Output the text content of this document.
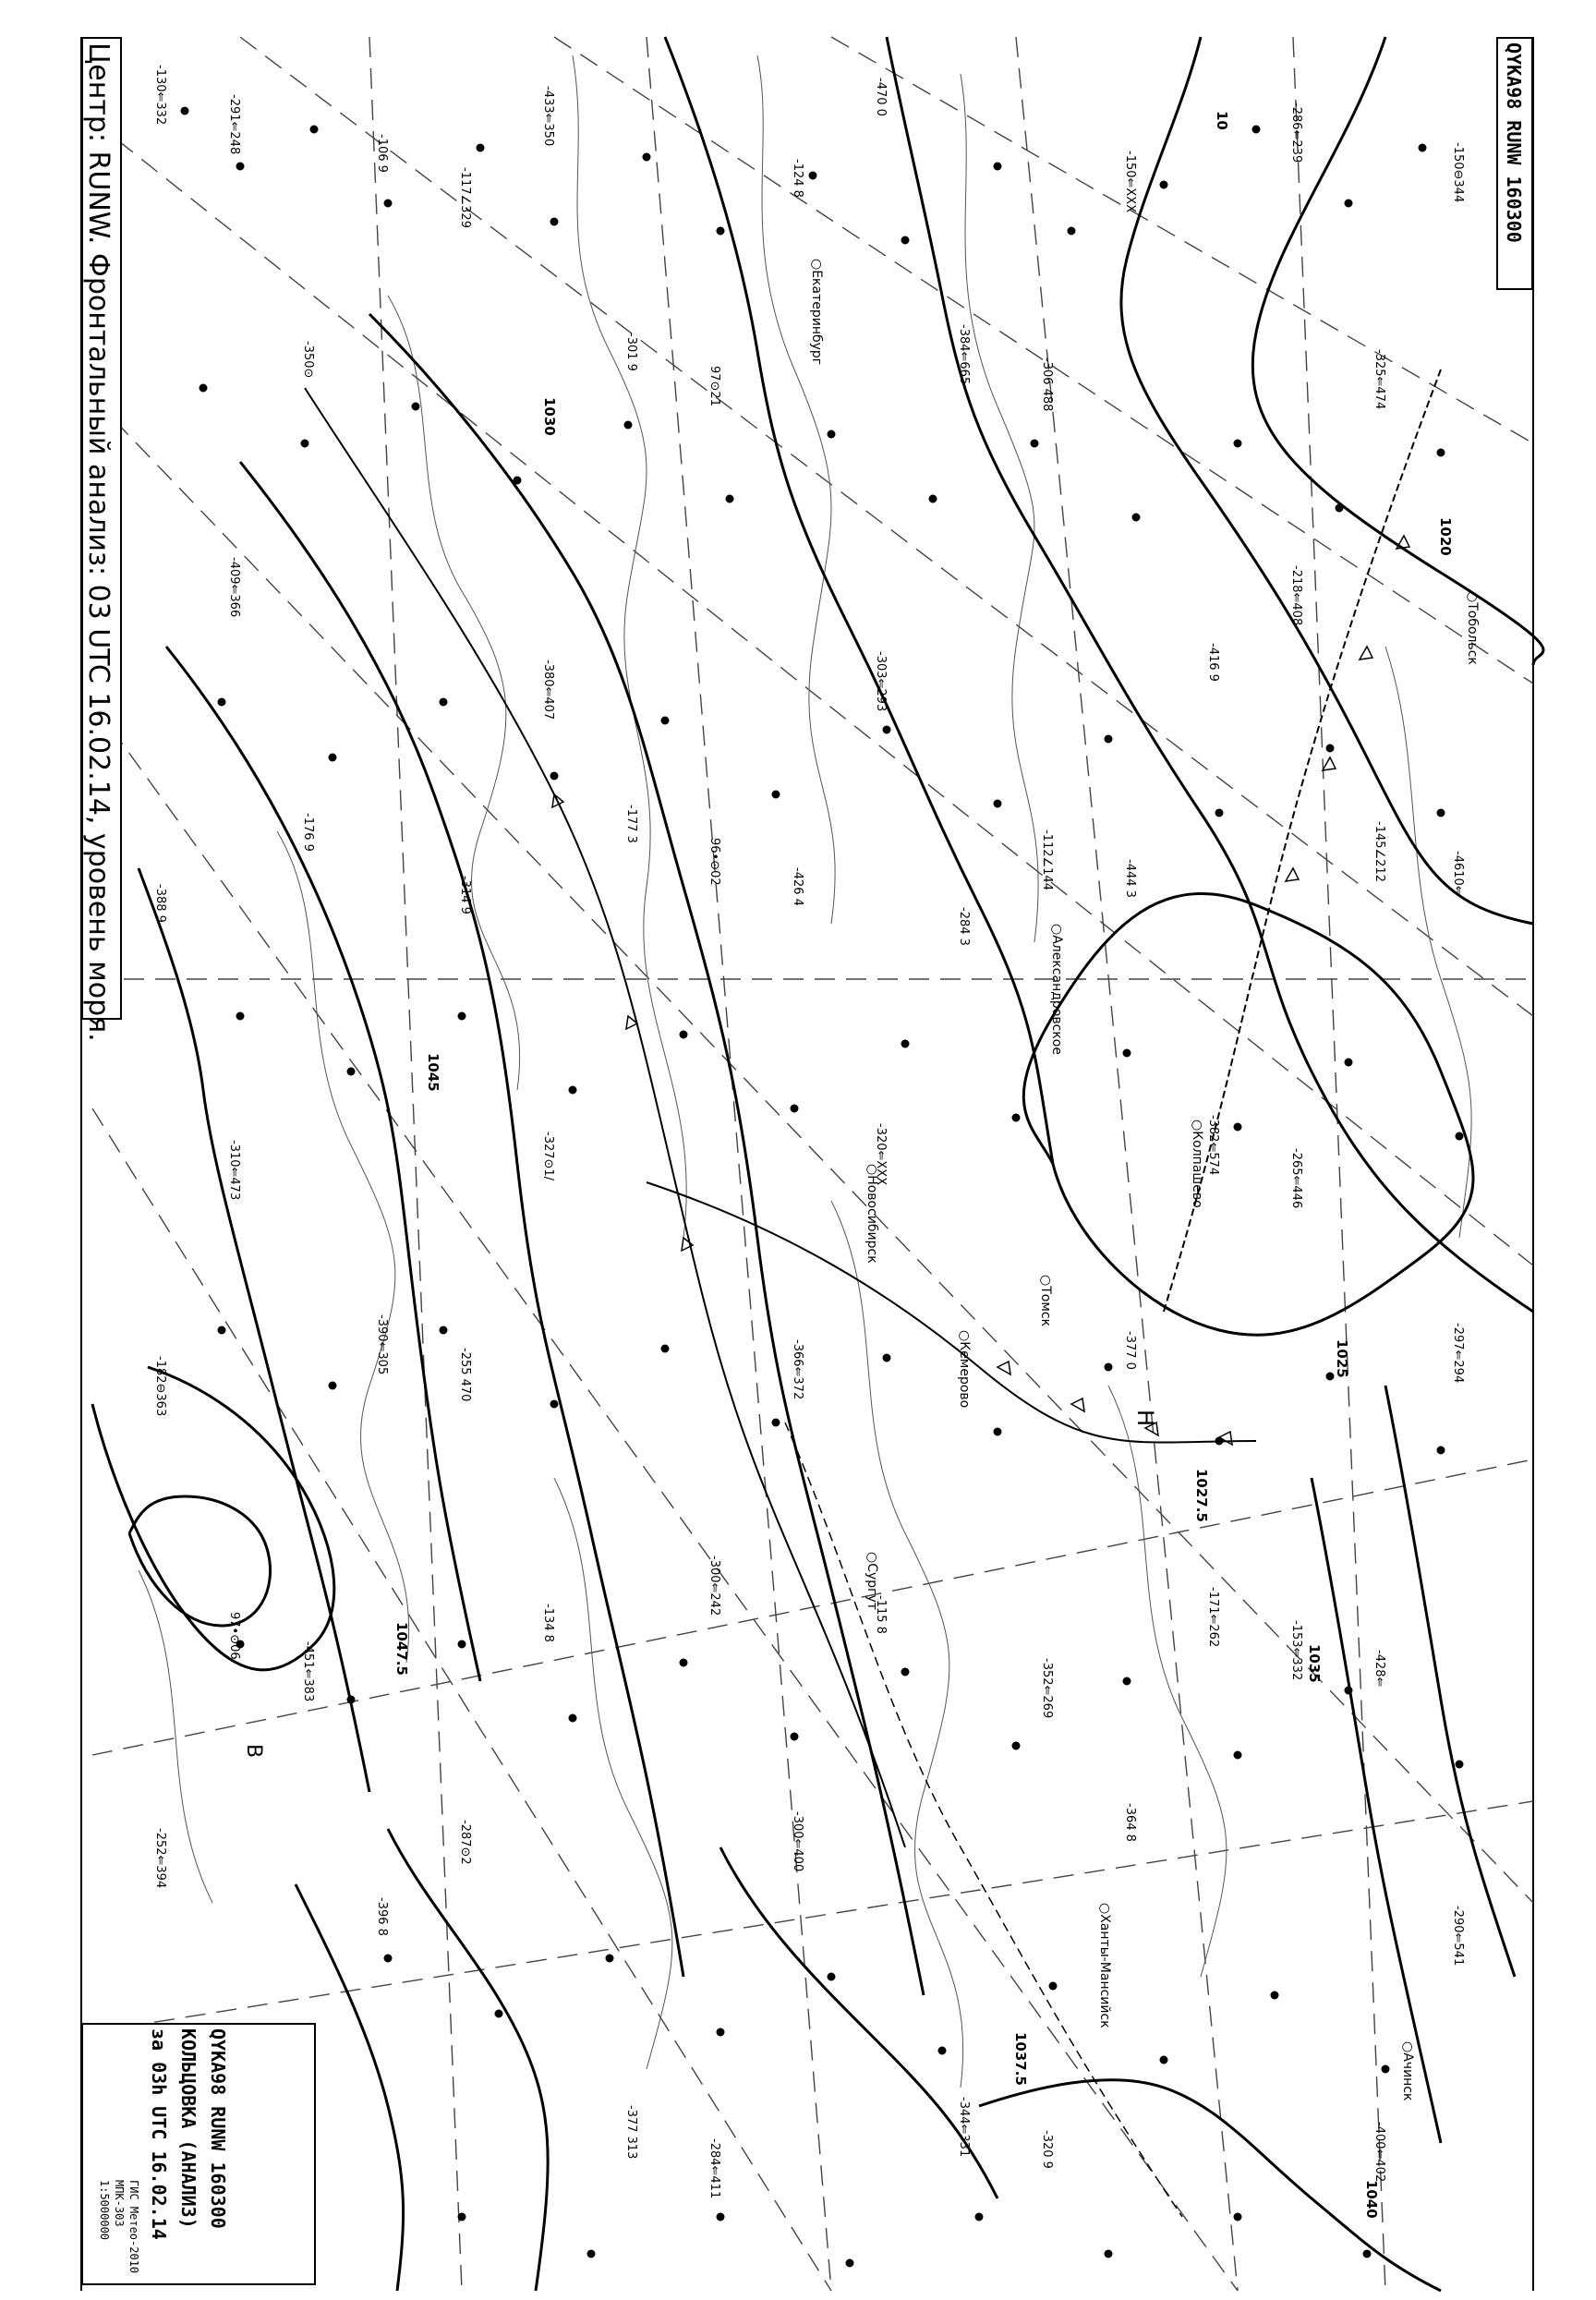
-130⇐332
96•⊙02
-153⇐332
-117∠329
-112∠144
97•⊙06
-124 8
-145∠212
-134 8
-150⇐XXX
-176 9
-115 8
-150⊖344
-177 3
-171⇐262
-106 9
-284 3
-252⇐394
97⊙21
-265⇐446
-287⊙2
-306 488
-310⇐473
-300⇐400
-325⇐474
-327⊙1/
-364 8
-350⊙
-320⇐XXX
-290⇐541
-301 9
-382⇐574
-396 8
-384⇐665
-182⊖363
-284⇐411
-218⇐408
-255 470
-320 9
-409⇐366
-366⇐372
-400⇐402
-380⇐407
-377 0
-303⇐293
-297⇐294
-377 313
-416 9
-390⇐305
-344⇐331
-388 9
-300⇐242
-286⇐239
-314 9
-352⇐269
-291⇐248
-426 4
-428⇐
-433⇐350
-444 3
-451⇐383
-470 0
-4610⇐
1025
1030
1035
1040
1045
1047.5
1037.5
1027.5
1020
10
○Екатеринбург
○Томск
○Колпашево
○Александровское
○Новосибирск
○Кемерово
○Ханты-Мансийск
○Тобольск
○Ачинск
○Сургут
В
Н
Центр: RUNW. Фронтальный анализ: 03 UTC 16.02.14, уровень моря.	QYKA98 RUNW 160300
QYKA98 RUNW 160300
КОЛЬЦОВКА (АНАЛИЗ)
за 03h UTC 16.02.14
ГИС Метео-2010
МПК-303
1:5000000
